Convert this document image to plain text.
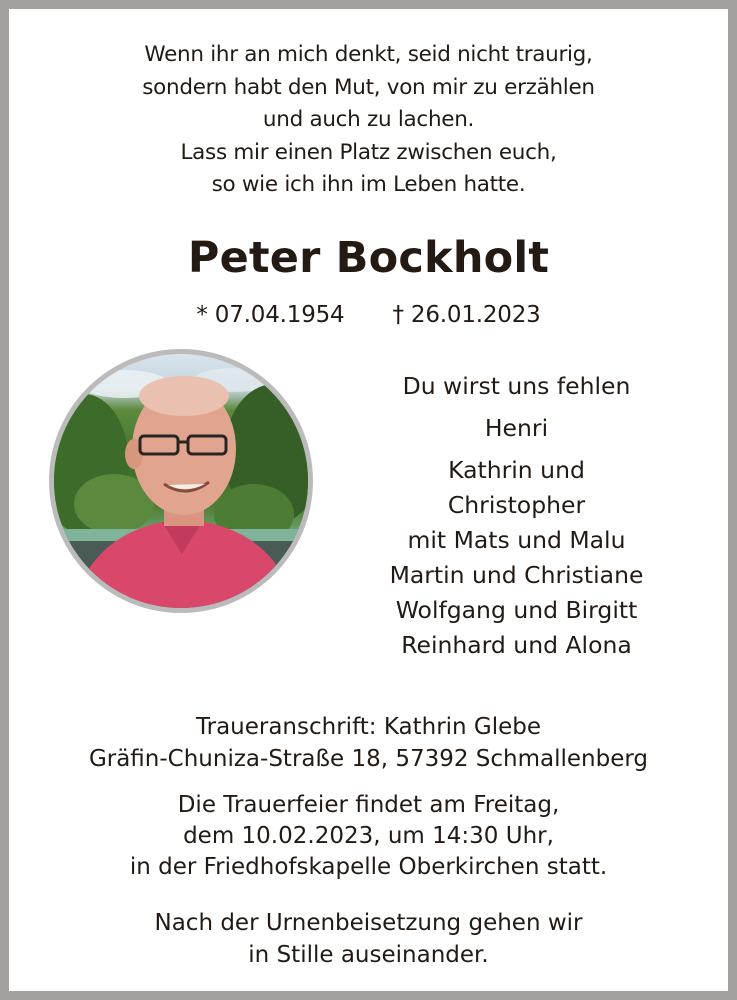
Wenn ihr an mich denkt, seid nicht traurig,
sondern habt den Mut, von mir zu erzählen
und auch zu lachen.
Lass mir einen Platz zwischen euch,
so wie ich ihn im Leben hatte.
Peter Bockholt
* 07.04.1954 † 26.01.2023
Du wirst uns fehlen
Henri
Kathrin und
Christopher
mit Mats und Malu
Martin und Christiane
Wolfgang und Birgitt
Reinhard und Alona
Traueranschrift: Kathrin Glebe
Gräfin-Chuniza-Straße 18, 57392 Schmallenberg
Die Trauerfeier findet am Freitag,
dem 10.02.2023, um 14:30 Uhr,
in der Friedhofskapelle Oberkirchen statt.
Nach der Urnenbeisetzung gehen wir
in Stille auseinander.
